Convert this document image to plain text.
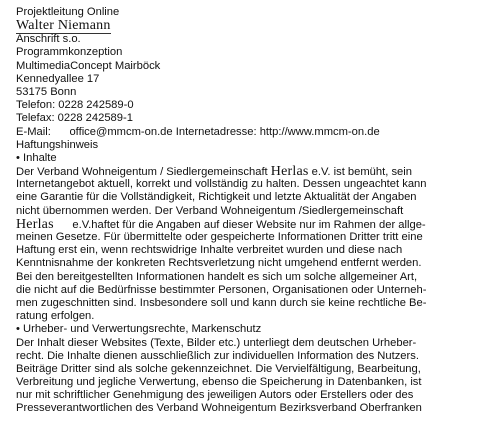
Projektleitung Online
Walter Niemann
Anschrift s.o.
Programmkonzeption
MultimediaConcept Mairböck
Kennedyallee 17
53175 Bonn
Telefon: 0228 242589-0
Telefax: 0228 242589-1
E-Mail:      office@mmcm-on.de Internetadresse: http://www.mmcm-on.de
Haftungshinweis
• Inhalte
Der Verband Wohneigentum / Siedlergemeinschaft Herlas e.V. ist bemüht, sein
Internetangebot aktuell, korrekt und vollständig zu halten. Dessen ungeachtet kann
eine Garantie für die Vollständigkeit, Richtigkeit und letzte Aktualität der Angaben
nicht übernommen werden. Der Verband Wohneigentum /Siedlergemeinschaft
Herlas      e.V.haftet für die Angaben auf dieser Website nur im Rahmen der allge-
meinen Gesetze. Für übermittelte oder gespeicherte Informationen Dritter tritt eine
Haftung erst ein, wenn rechtswidrige Inhalte verbreitet wurden und diese nach
Kenntnisnahme der konkreten Rechtsverletzung nicht umgehend entfernt werden.
Bei den bereitgestellten Informationen handelt es sich um solche allgemeiner Art,
die nicht auf die Bedürfnisse bestimmter Personen, Organisationen oder Unterneh-
men zugeschnitten sind. Insbesondere soll und kann durch sie keine rechtliche Be-
ratung erfolgen.
• Urheber- und Verwertungsrechte, Markenschutz
Der Inhalt dieser Websites (Texte, Bilder etc.) unterliegt dem deutschen Urheber-
recht. Die Inhalte dienen ausschließlich zur individuellen Information des Nutzers.
Beiträge Dritter sind als solche gekennzeichnet. Die Vervielfältigung, Bearbeitung,
Verbreitung und jegliche Verwertung, ebenso die Speicherung in Datenbanken, ist
nur mit schriftlicher Genehmigung des jeweiligen Autors oder Erstellers oder des
Presseverantwortlichen des Verband Wohneigentum Bezirksverband Oberfranken
